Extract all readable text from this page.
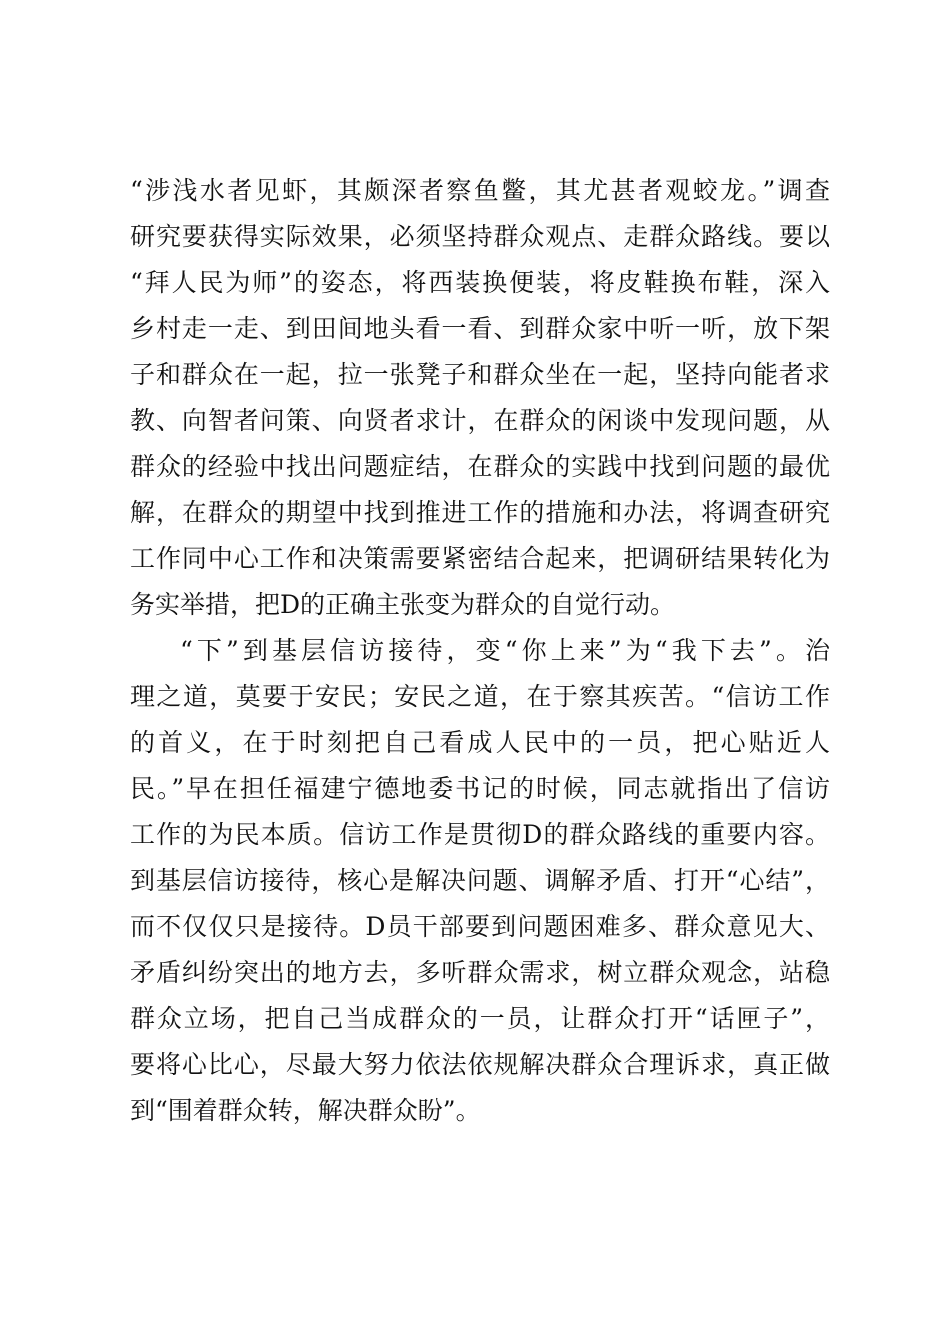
“涉浅水者见虾，其颇深者察鱼鳖，其尤甚者观蛟龙。”调查
研究要获得实际效果，必须坚持群众观点、走群众路线。要以
“拜人民为师”的姿态，将西装换便装，将皮鞋换布鞋，深入
乡村走一走、到田间地头看一看、到群众家中听一听，放下架
子和群众在一起，拉一张凳子和群众坐在一起，坚持向能者求
教、向智者问策、向贤者求计，在群众的闲谈中发现问题，从
群众的经验中找出问题症结，在群众的实践中找到问题的最优
解，在群众的期望中找到推进工作的措施和办法，将调查研究
工作同中心工作和决策需要紧密结合起来，把调研结果转化为
务实举措，把D的正确主张变为群众的自觉行动。
“下”到基层信访接待，变“你上来”为“我下去”。治
理之道，莫要于安民；安民之道，在于察其疾苦。“信访工作
的首义，在于时刻把自己看成人民中的一员，把心贴近人
民。”早在担任福建宁德地委书记的时候，同志就指出了信访
工作的为民本质。信访工作是贯彻D的群众路线的重要内容。
到基层信访接待，核心是解决问题、调解矛盾、打开“心结”，
而不仅仅只是接待。D员干部要到问题困难多、群众意见大、
矛盾纠纷突出的地方去，多听群众需求，树立群众观念，站稳
群众立场，把自己当成群众的一员，让群众打开“话匣子”，
要将心比心，尽最大努力依法依规解决群众合理诉求，真正做
到“围着群众转，解决群众盼”。
